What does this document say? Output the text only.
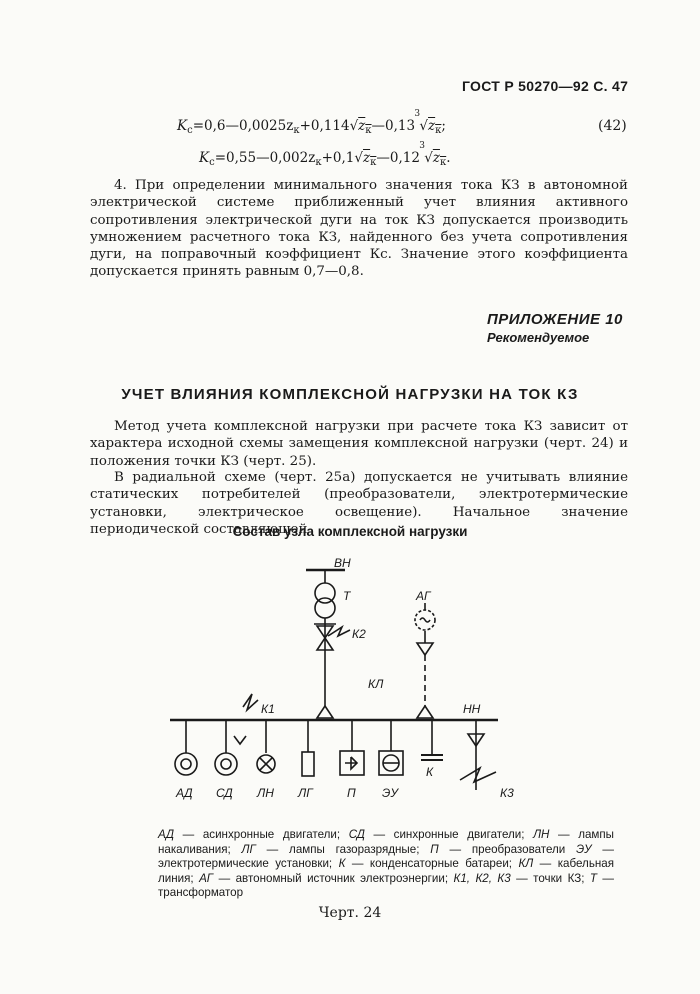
ГОСТ Р 50270—92 С. 47
$K_с=0,6—0,0025z_к+0,114√z_к—0,13$
3
$√z_к$;	(42)
$K_с=0,55—0,002z_к+0,1√z_к—0,12$
3
$√z_к$.
4. При определении минимального значения тока КЗ в автономной электрической системе приближенный учет влияния активного сопротивления электрической дуги на ток КЗ допускается производить умножением расчетного тока КЗ, найденного без учета сопротивления дуги, на поправочный коэффициент Кс. Значение этого коэффициента допускается принять равным 0,7—0,8.
ПРИЛОЖЕНИЕ 10
Рекомендуемое
УЧЕТ ВЛИЯНИЯ КОМПЛЕКСНОЙ НАГРУЗКИ НА ТОК КЗ
Метод учета комплексной нагрузки при расчете тока КЗ зависит от характера исходной схемы замещения комплексной нагрузки (черт. 24) и положения точки КЗ (черт. 25).
В радиальной схеме (черт. 25а) допускается не учитывать влияние статических потребителей (преобразователи, электротермические установки, электрическое освещение). Начальное значение периодической составляющей
Состав узла комплексной нагрузки
ВН
Т
К2
АГ
КЛ
К1	НН
К
К3
АД СД ЛН ЛГ	П ЭУ
АД — асинхронные двигатели; СД — синхронные двигатели; ЛН — лампы накаливания; ЛГ — лампы газоразрядные; П — преобразователи ЭУ —электротермические установки; К — конденсаторные батареи; КЛ — кабельная линия; АГ — автономный источник электроэнергии; К1, К2, К3 — точки КЗ; Т — трансформатор
Черт. 24
